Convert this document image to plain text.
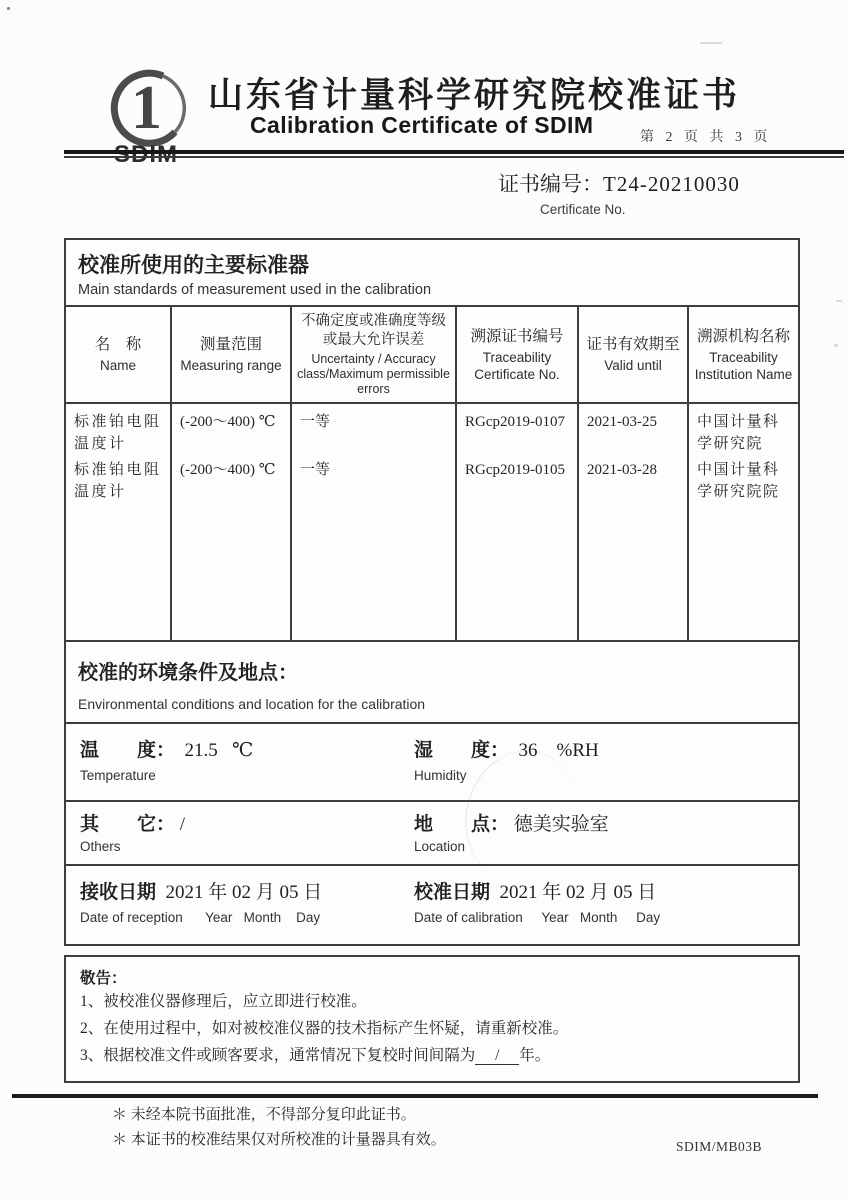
1
SDIM
山东省计量科学研究院校准证书
Calibration Certificate of SDIM	第 2 页 共 3 页
证书编号：T24-20210030
Certificate No.
校准所使用的主要标准器
Main standards of measurement used in the calibration
名　称
Name
测量范围
Measuring range
不确定度或准确度等级或最大允许误差
Uncertainty / Accuracy class/Maximum permissible errors
溯源证书编号
Traceability Certificate No.
证书有效期至
Valid until
溯源机构名称
Traceability Institution Name
标准铂电阻温度计
标准铂电阻温度计
(-200～400) ℃
(-200～400) ℃
一等
一等
RGcp2019-0107
RGcp2019-0105
2021-03-25
2021-03-28
中国计量科学研究院
中国计量科学研究院院
校准的环境条件及地点：
Environmental conditions and location for the calibration
温　　度：  21.5   ℃
Temperature
湿　　度：  36    %RH
Humidity
其　　它： /
Others
地　　点： 德美实验室
Location
接收日期  2021 年 02 月 05 日
Date of reception      Year   Month    Day
校准日期  2021 年 02 月 05 日
Date of calibration     Year   Month     Day
敬告：
1、被校准仪器修理后，应立即进行校准。
2、在使用过程中，如对被校准仪器的技术指标产生怀疑，请重新校准。
3、根据校准文件或顾客要求，通常情况下复校时间间隔为 / 年。
＊ 未经本院书面批准，不得部分复印此证书。
＊ 本证书的校准结果仅对所校准的计量器具有效。	SDIM/MB03B
